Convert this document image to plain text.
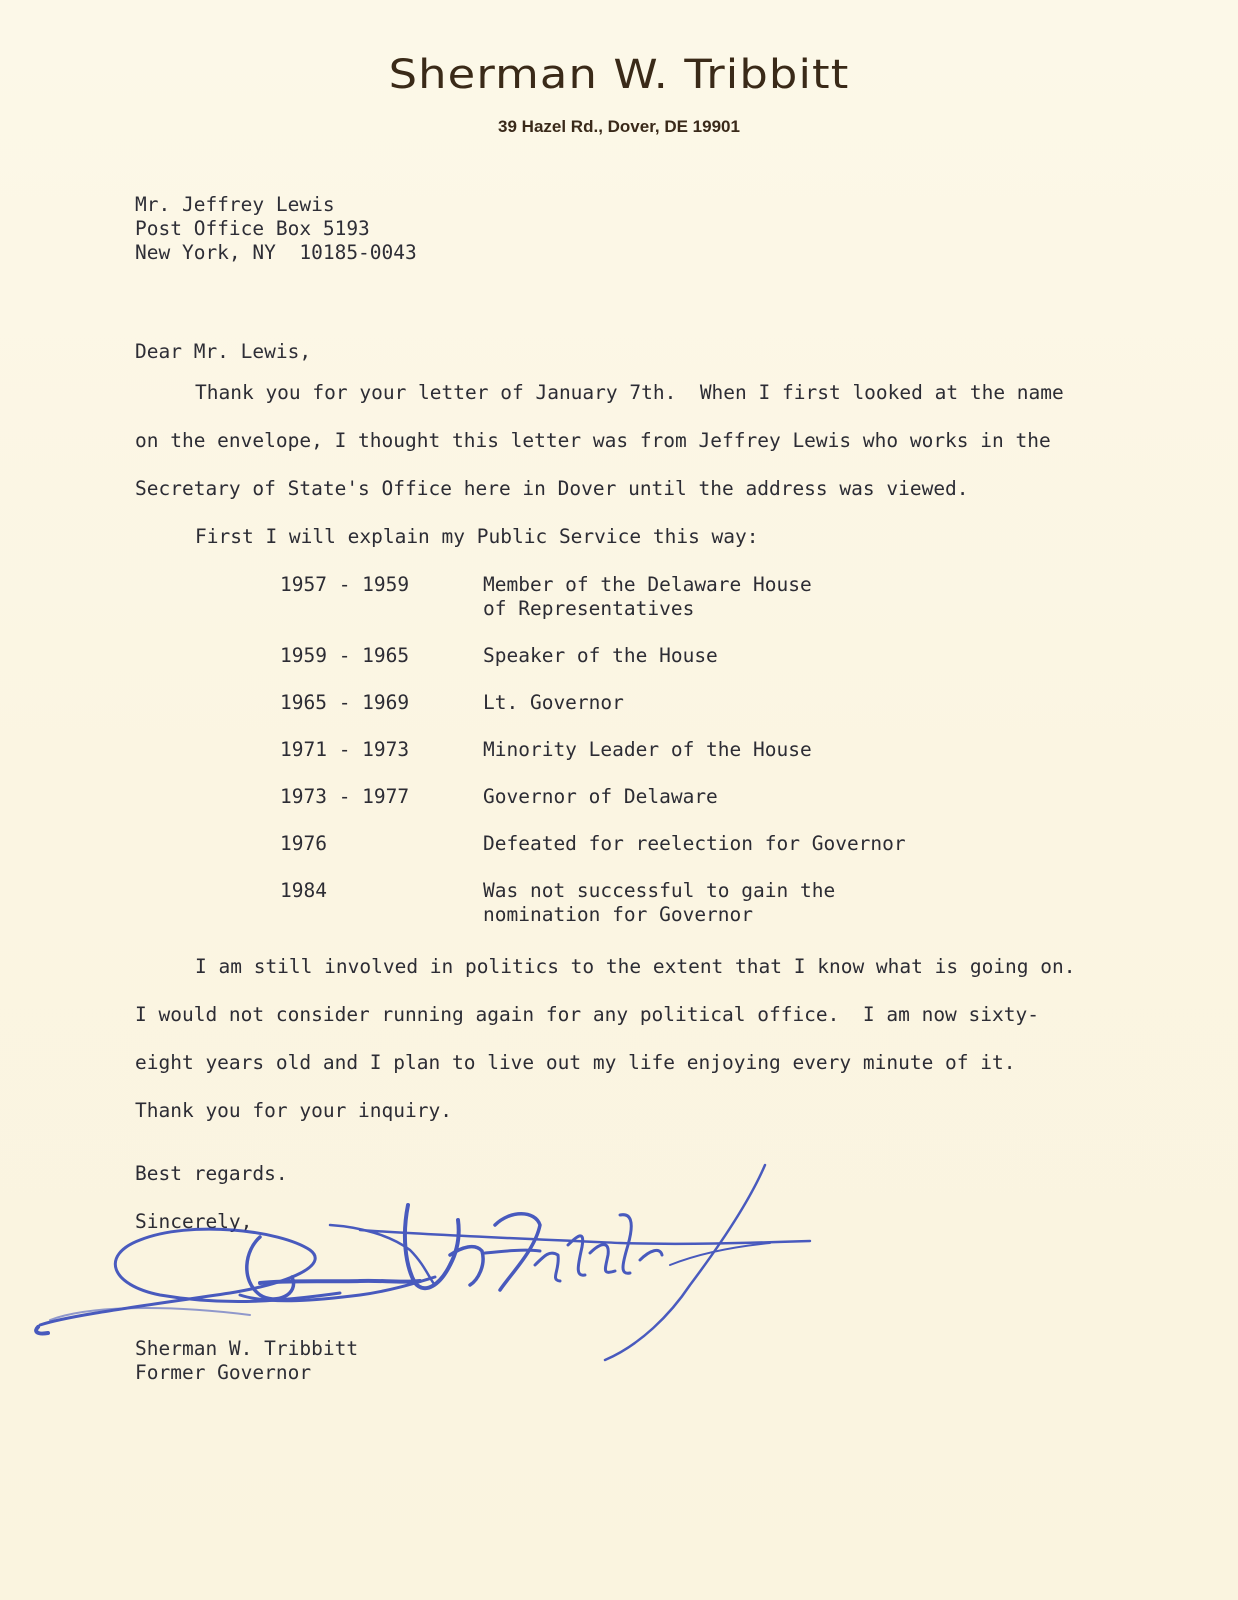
Sherman W. Tribbitt
39 Hazel Rd., Dover, DE 19901
Mr. Jeffrey Lewis
Post Office Box 5193
New York, NY  10185-0043
Dear Mr. Lewis,
Thank you for your letter of January 7th.  When I first looked at the name
on the envelope, I thought this letter was from Jeffrey Lewis who works in the
Secretary of State's Office here in Dover until the address was viewed.
First I will explain my Public Service this way:
1957 - 1959	Member of the Delaware House
of Representatives
1959 - 1965	Speaker of the House
1965 - 1969	Lt. Governor
1971 - 1973	Minority Leader of the House
1973 - 1977	Governor of Delaware
1976	Defeated for reelection for Governor
1984	Was not successful to gain the
nomination for Governor
I am still involved in politics to the extent that I know what is going on.
I would not consider running again for any political office.  I am now sixty-
eight years old and I plan to live out my life enjoying every minute of it.
Thank you for your inquiry.
Best regards.
Sincerely,
Sherman W. Tribbitt
Former Governor
